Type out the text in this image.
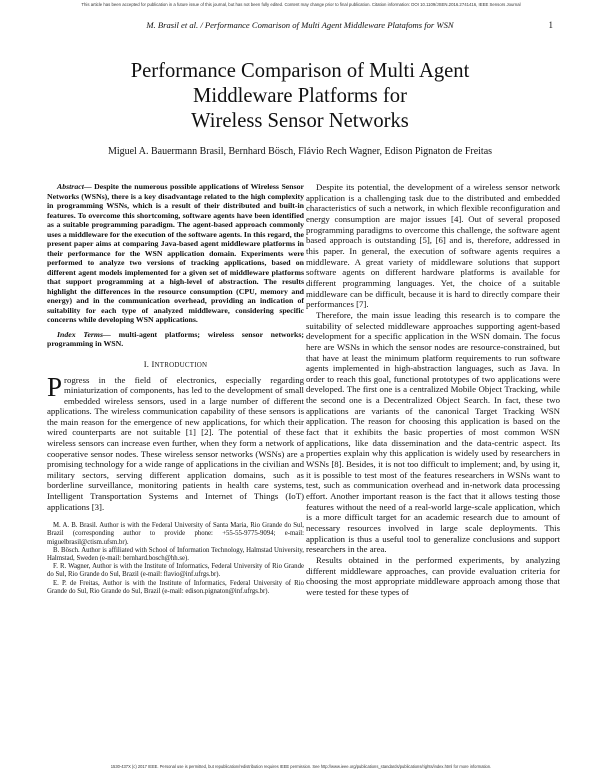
This article has been accepted for publication in a future issue of this journal, but has not been fully edited. Content may change prior to final publication. Citation information: DOI 10.1109/JSEN.2016.2741416, IEEE Sensors Journal
M. Brasil et al. / Performance Comarison of Multi Agent Middleware Platafoms for WSN	1
Performance Comparison of Multi Agent
Middleware Platforms for
Wireless Sensor Networks
Miguel A. Bauermann Brasil, Bernhard Bösch, Flávio Rech Wagner, Edison Pignaton de Freitas

Abstract— Despite the numerous possible applications of Wireless Sensor Networks (WSNs), there is a key disadvantage related to the high complexity in programming WSNs, which is a result of their distributed and built-in features. To overcome this shortcoming, software agents have been identified as a suitable programming paradigm. The agent-based approach commonly uses a middleware for the execution of the software agents. In this regard, the present paper aims at comparing Java-based agent middleware platforms in their performance for the WSN application domain. Experiments were performed to analyze two versions of tracking applications, based on different agent models implemented for a given set of middleware platforms that support programming at a high-level of abstraction. The results highlight the differences in the resource consumption (CPU, memory and energy) and in the communication overhead, providing an indication of suitability for each type of analyzed middleware, considering specific concerns while developing WSN applications.

Index Terms— multi-agent platforms; wireless sensor networks; programming in WSN.

I. INTRODUCTION

Progress in the field of electronics, especially regarding miniaturization of components, has led to the development of small embedded wireless sensors, used in a large number of different applications. The wireless communication capability of these sensors is the main reason for the emergence of new applications, for which their wired counterparts are not suitable [1] [2]. The potential of these wireless sensors can increase even further, when they form a network of cooperative sensor nodes. These wireless sensor networks (WSNs) are a promising technology for a wide range of applications in the civilian and military sectors, serving different application domains, such as borderline surveillance, monitoring patients in health care systems, Intelligent Transportation Systems and Internet of Things (IoT) applications [3].

M. A. B. Brasil. Author is with the Federal University of Santa Maria, Rio Grande do Sul, Brazil (corresponding author to provide phone: +55-55-9775-9094; e-mail: miguelbrasil@ctism.ufsm.br).

B. Bösch. Author is affiliated with School of Information Technology, Halmstad University, Halmstad, Sweden (e-mail: bernhard.bosch@hh.se).

F. R. Wagner, Author is with the Institute of Informatics, Federal University of Rio Grande do Sul, Rio Grande do Sul, Brazil (e-mail: flavio@inf.ufrgs.br).

E. P. de Freitas, Author is with the Institute of Informatics, Federal University of Rio Grande do Sul, Rio Grande do Sul, Brazil (e-mail: edison.pignaton@inf.ufrgs.br).

Despite its potential, the development of a wireless sensor network application is a challenging task due to the distributed and embedded characteristics of such a network, in which flexible reconfiguration and energy consumption are major issues [4]. Out of several proposed programming paradigms to overcome this challenge, the software agent based approach is outstanding [5], [6] and is, therefore, addressed in this paper. In general, the execution of software agents requires a middleware. A great variety of middleware solutions that support software agents on different hardware platforms is available for different programming languages. Yet, the choice of a suitable middleware can be difficult, because it is hard to directly compare their performances [7].

Therefore, the main issue leading this research is to compare the suitability of selected middleware approaches supporting agent-based development for a specific application in the WSN domain. The focus here are WSNs in which the sensor nodes are resource-constrained, but that have at least the minimum platform requirements to run software agents implemented in high-abstraction languages, such as Java. In order to reach this goal, functional prototypes of two applications were developed. The first one is a centralized Mobile Object Tracking, while the second one is a Decentralized Object Search. In fact, these two applications are variants of the canonical Target Tracking WSN application. The reason for choosing this application is based on the fact that it exhibits the basic properties of most common WSN applications, like data dissemination and the data-centric aspect. Its properties explain why this application is widely used by researchers in WSNs [8]. Besides, it is not too difficult to implement; and, by using it, it is possible to test most of the features researchers in WSNs want to test, such as communication overhead and in-network data processing effort. Another important reason is the fact that it allows testing those features without the need of a real-world large-scale application, which is a more difficult target for an academic research due to amount of necessary resources involved in large scale deployments. This application is thus a useful tool to generalize conclusions and support researchers in the area.

Results obtained in the performed experiments, by analyzing different middleware approaches, can provide evaluation criteria for choosing the most appropriate middleware approach among those that were tested for these types of

1530-437X (c) 2017 IEEE. Personal use is permitted, but republication/redistribution requires IEEE permission. See http://www.ieee.org/publications_standards/publications/rights/index.html for more information.
